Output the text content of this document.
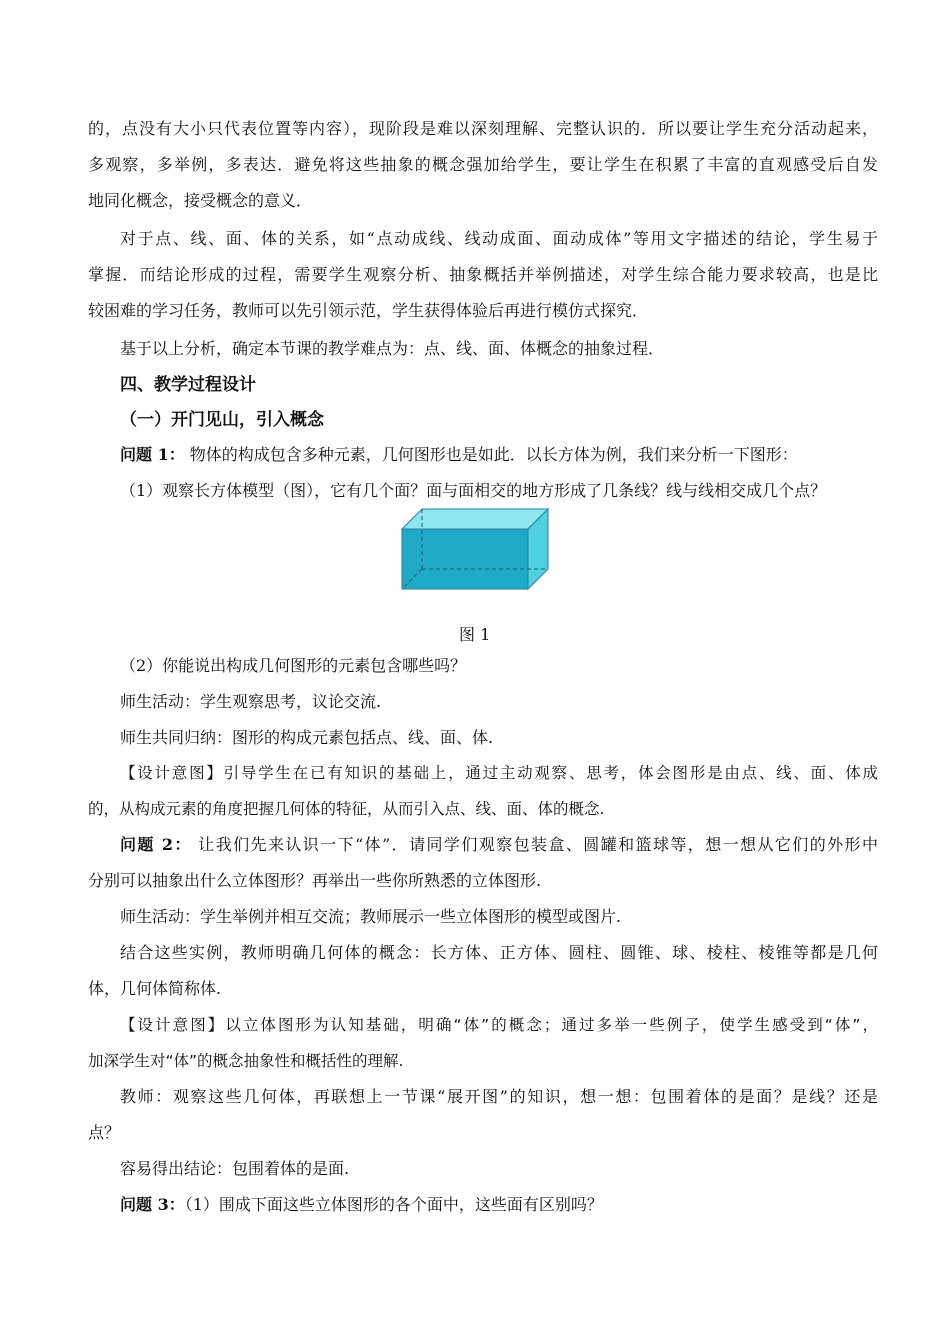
的，点没有大小只代表位置等内容），现阶段是难以深刻理解、完整认识的．所以要让学生充分活动起来，
多观察，多举例，多表达．避免将这些抽象的概念强加给学生，要让学生在积累了丰富的直观感受后自发
地同化概念，接受概念的意义．
对于点、线、面、体的关系，如“点动成线、线动成面、面动成体”等用文字描述的结论，学生易于
掌握．而结论形成的过程，需要学生观察分析、抽象概括并举例描述，对学生综合能力要求较高，也是比
较困难的学习任务，教师可以先引领示范，学生获得体验后再进行模仿式探究．
基于以上分析，确定本节课的教学难点为：点、线、面、体概念的抽象过程．
四、教学过程设计
（一）开门见山，引入概念
问题 1： 物体的构成包含多种元素，几何图形也是如此．以长方体为例，我们来分析一下图形：
（1）观察长方体模型（图），它有几个面？面与面相交的地方形成了几条线？线与线相交成几个点？
图 1
（2）你能说出构成几何图形的元素包含哪些吗？
师生活动：学生观察思考，议论交流.
师生共同归纳：图形的构成元素包括点、线、面、体.
【设计意图】引导学生在已有知识的基础上，通过主动观察、思考，体会图形是由点、线、面、体成
的，从构成元素的角度把握几何体的特征，从而引入点、线、面、体的概念.
问题 2： 让我们先来认识一下“体”．请同学们观察包装盒、圆罐和篮球等，想一想从它们的外形中
分别可以抽象出什么立体图形？再举出一些你所熟悉的立体图形.
师生活动：学生举例并相互交流；教师展示一些立体图形的模型或图片.
结合这些实例，教师明确几何体的概念：长方体、正方体、圆柱、圆锥、球、棱柱、棱锥等都是几何
体，几何体简称体.
【设计意图】以立体图形为认知基础，明确“体”的概念；通过多举一些例子，使学生感受到“体”，
加深学生对“体”的概念抽象性和概括性的理解.
教师：观察这些几何体，再联想上一节课“展开图”的知识，想一想：包围着体的是面？是线？还是
点？
容易得出结论：包围着体的是面.
问题 3：（1）围成下面这些立体图形的各个面中，这些面有区别吗？
